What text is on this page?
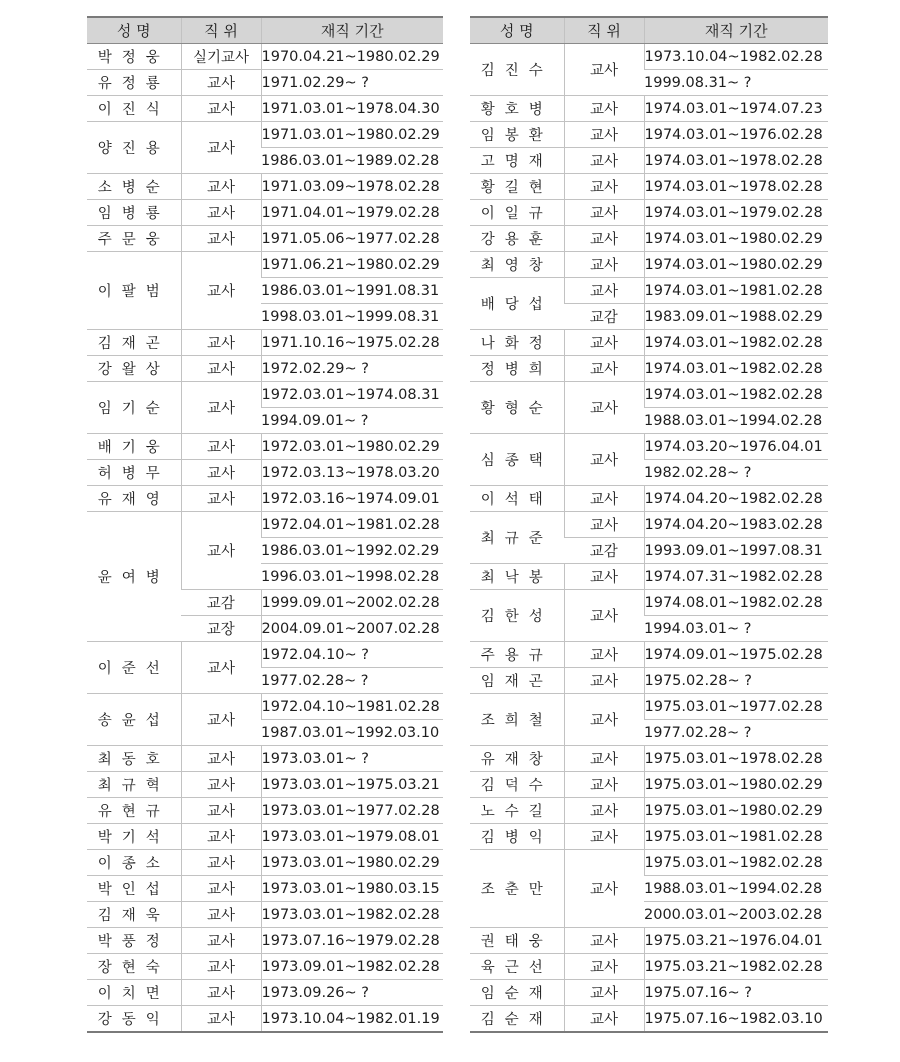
성 명	직 위	재직 기간
박정웅	실기교사	1970.04.21~1980.02.29
유정룡	교사	1971.02.29~ ?
이진식	교사	1971.03.01~1978.04.30
양진용	교사	1971.03.01~1980.02.29
		1986.03.01~1989.02.28
소병순	교사	1971.03.09~1978.02.28
임병룡	교사	1971.04.01~1979.02.28
주문웅	교사	1971.05.06~1977.02.28
이팔범	교사	1971.06.21~1980.02.29
		1986.03.01~1991.08.31
		1998.03.01~1999.08.31
김재곤	교사	1971.10.16~1975.02.28
강왈상	교사	1972.02.29~ ?
임기순	교사	1972.03.01~1974.08.31
		1994.09.01~ ?
배기웅	교사	1972.03.01~1980.02.29
허병무	교사	1972.03.13~1978.03.20
유재영	교사	1972.03.16~1974.09.01
윤여병	교사	1972.04.01~1981.02.28
		1986.03.01~1992.02.29
		1996.03.01~1998.02.28
	교감	1999.09.01~2002.02.28
	교장	2004.09.01~2007.02.28
이준선	교사	1972.04.10~ ?
		1977.02.28~ ?
송윤섭	교사	1972.04.10~1981.02.28
		1987.03.01~1992.03.10
최동호	교사	1973.03.01~ ?
최규혁	교사	1973.03.01~1975.03.21
유현규	교사	1973.03.01~1977.02.28
박기석	교사	1973.03.01~1979.08.01
이종소	교사	1973.03.01~1980.02.29
박인섭	교사	1973.03.01~1980.03.15
김재욱	교사	1973.03.01~1982.02.28
박풍정	교사	1973.07.16~1979.02.28
장현숙	교사	1973.09.01~1982.02.28
이치면	교사	1973.09.26~ ?
강동익	교사	1973.10.04~1982.01.19
성 명	직 위	재직 기간
김진수	교사	1973.10.04~1982.02.28
		1999.08.31~ ?
황호병	교사	1974.03.01~1974.07.23
임봉환	교사	1974.03.01~1976.02.28
고명재	교사	1974.03.01~1978.02.28
황길현	교사	1974.03.01~1978.02.28
이일규	교사	1974.03.01~1979.02.28
강용훈	교사	1974.03.01~1980.02.29
최영창	교사	1974.03.01~1980.02.29
배당섭	교사	1974.03.01~1981.02.28
	교감	1983.09.01~1988.02.29
나화정	교사	1974.03.01~1982.02.28
정병희	교사	1974.03.01~1982.02.28
황형순	교사	1974.03.01~1982.02.28
		1988.03.01~1994.02.28
심종택	교사	1974.03.20~1976.04.01
		1982.02.28~ ?
이석태	교사	1974.04.20~1982.02.28
최규준	교사	1974.04.20~1983.02.28
	교감	1993.09.01~1997.08.31
최낙봉	교사	1974.07.31~1982.02.28
김한성	교사	1974.08.01~1982.02.28
		1994.03.01~ ?
주용규	교사	1974.09.01~1975.02.28
임재곤	교사	1975.02.28~ ?
조희철	교사	1975.03.01~1977.02.28
		1977.02.28~ ?
유재창	교사	1975.03.01~1978.02.28
김덕수	교사	1975.03.01~1980.02.29
노수길	교사	1975.03.01~1980.02.29
김병익	교사	1975.03.01~1981.02.28
조춘만	교사	1975.03.01~1982.02.28
		1988.03.01~1994.02.28
		2000.03.01~2003.02.28
권태웅	교사	1975.03.21~1976.04.01
육근선	교사	1975.03.21~1982.02.28
임순재	교사	1975.07.16~ ?
김순재	교사	1975.07.16~1982.03.10
